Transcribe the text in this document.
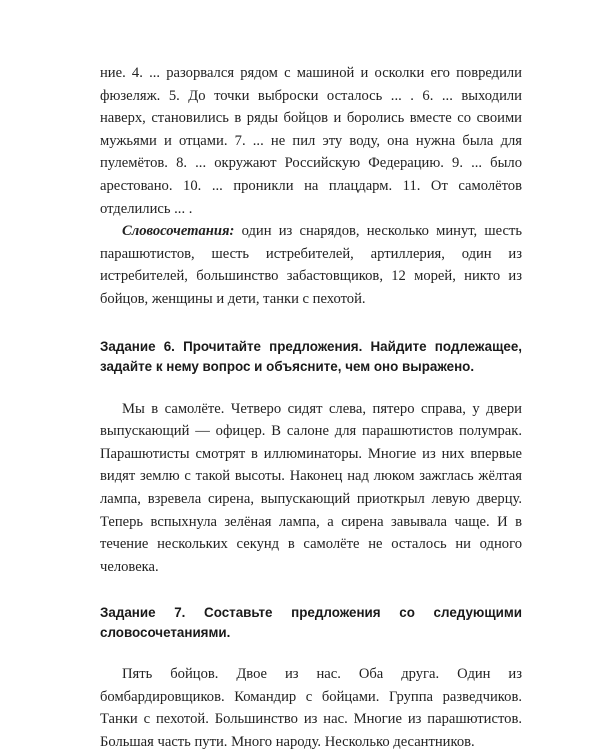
ние. 4. ... разорвался рядом с машиной и осколки его повредили фюзеляж. 5. До точки выброски осталось ... . 6. ... выходили наверх, становились в ряды бойцов и боролись вместе со своими мужьями и отцами. 7. ... не пил эту воду, она нужна была для пулемётов. 8. ... окружают Российскую Федерацию. 9. ... было арестовано. 10. ... проникли на плацдарм. 11. От самолётов отделились ... .

Словосочетания: один из снарядов, несколько минут, шесть парашютистов, шесть истребителей, артиллерия, один из истребителей, большинство забастовщиков, 12 морей, никто из бойцов, женщины и дети, танки с пехотой.

Задание 6. Прочитайте предложения. Найдите подлежащее, задайте к нему вопрос и объясните, чем оно выражено.

Мы в самолёте. Четверо сидят слева, пятеро справа, у двери выпускающий — офицер. В салоне для парашютистов полумрак. Парашютисты смотрят в иллюминаторы. Многие из них впервые видят землю с такой высоты. Наконец над люком зажглась жёлтая лампа, взревела сирена, выпускающий приоткрыл левую дверцу. Теперь вспыхнула зелёная лампа, а сирена завывала чаще. И в течение нескольких секунд в самолёте не осталось ни одного человека.

Задание 7. Составьте предложения со следующими словосочетаниями.

Пять бойцов. Двое из нас. Оба друга. Один из бомбардировщиков. Командир с бойцами. Группа разведчиков. Танки с пехотой. Большинство из нас. Многие из парашютистов. Большая часть пути. Много народу. Несколько десантников.
